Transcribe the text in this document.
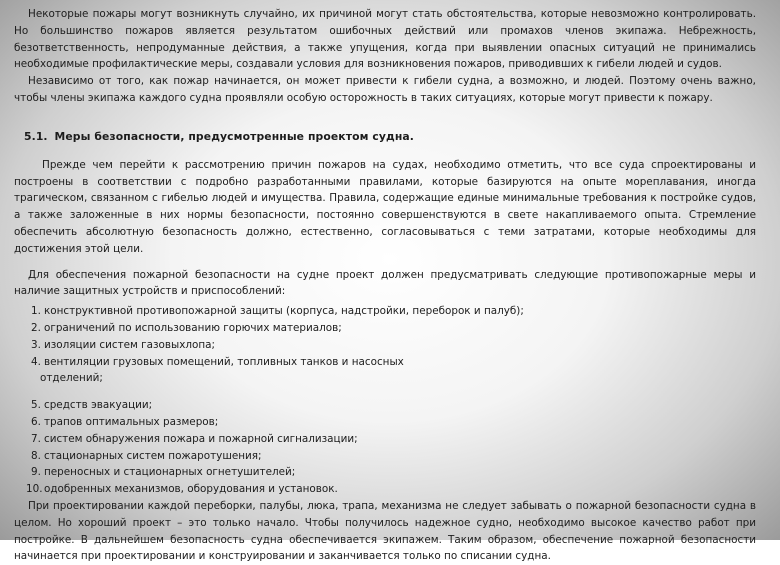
Некоторые пожары могут возникнуть случайно, их причиной могут стать обстоятельства, которые невозможно контролировать. Но большинство пожаров является результатом ошибочных действий или промахов членов экипажа. Небрежность, безответственность, непродуманные действия, а также упущения, когда при выявлении опасных ситуаций не принимались необходимые профилактические меры, создавали условия для возникновения пожаров, приводивших к гибели людей и судов.

Независимо от того, как пожар начинается, он может привести к гибели судна, а возможно, и людей. Поэтому очень важно, чтобы члены экипажа каждого судна проявляли особую осторожность в таких ситуациях, которые могут привести к пожару.

5.1. Меры безопасности, предусмотренные проектом судна.

Прежде чем перейти к рассмотрению причин пожаров на судах, необходимо отметить, что все суда спроектированы и построены в соответствии с подробно разработанными правилами, которые базируются на опыте мореплавания, иногда трагическом, связанном с гибелью людей и имущества. Правила, содержащие единые минимальные требования к постройке судов, а также заложенные в них нормы безопасности, постоянно совершенствуются в свете накапливаемого опыта. Стремление обеспечить абсолютную безопасность должно, естественно, согласовываться с теми затратами, которые необходимы для достижения этой цели.

Для обеспечения пожарной безопасности на судне проект должен предусматривать следующие противопожарные меры и наличие защитных устройств и приспособлений:

1. конструктивной противопожарной защиты (корпуса, надстройки, переборок и палуб);
2. ограничений по использованию горючих материалов;
3. изоляции систем газовыхлопа;
4. вентиляции грузовых помещений, топливных танков и насосных
отделений;
5. средств эвакуации;
6. трапов оптимальных размеров;
7. систем обнаружения пожара и пожарной сигнализации;
8. стационарных систем пожаротушения;
9. переносных и стационарных огнетушителей;
10. одобренных механизмов, оборудования и установок.

При проектировании каждой переборки, палубы, люка, трапа, механизма не следует забывать о пожарной безопасности судна в целом. Но хороший проект – это только начало. Чтобы получилось надежное судно, необходимо высокое качество работ при постройке. В дальнейшем безопасность судна обеспечивается экипажем. Таким образом, обеспечение пожарной безопасности начинается при проектировании и конструировании и заканчивается только по списании судна.
